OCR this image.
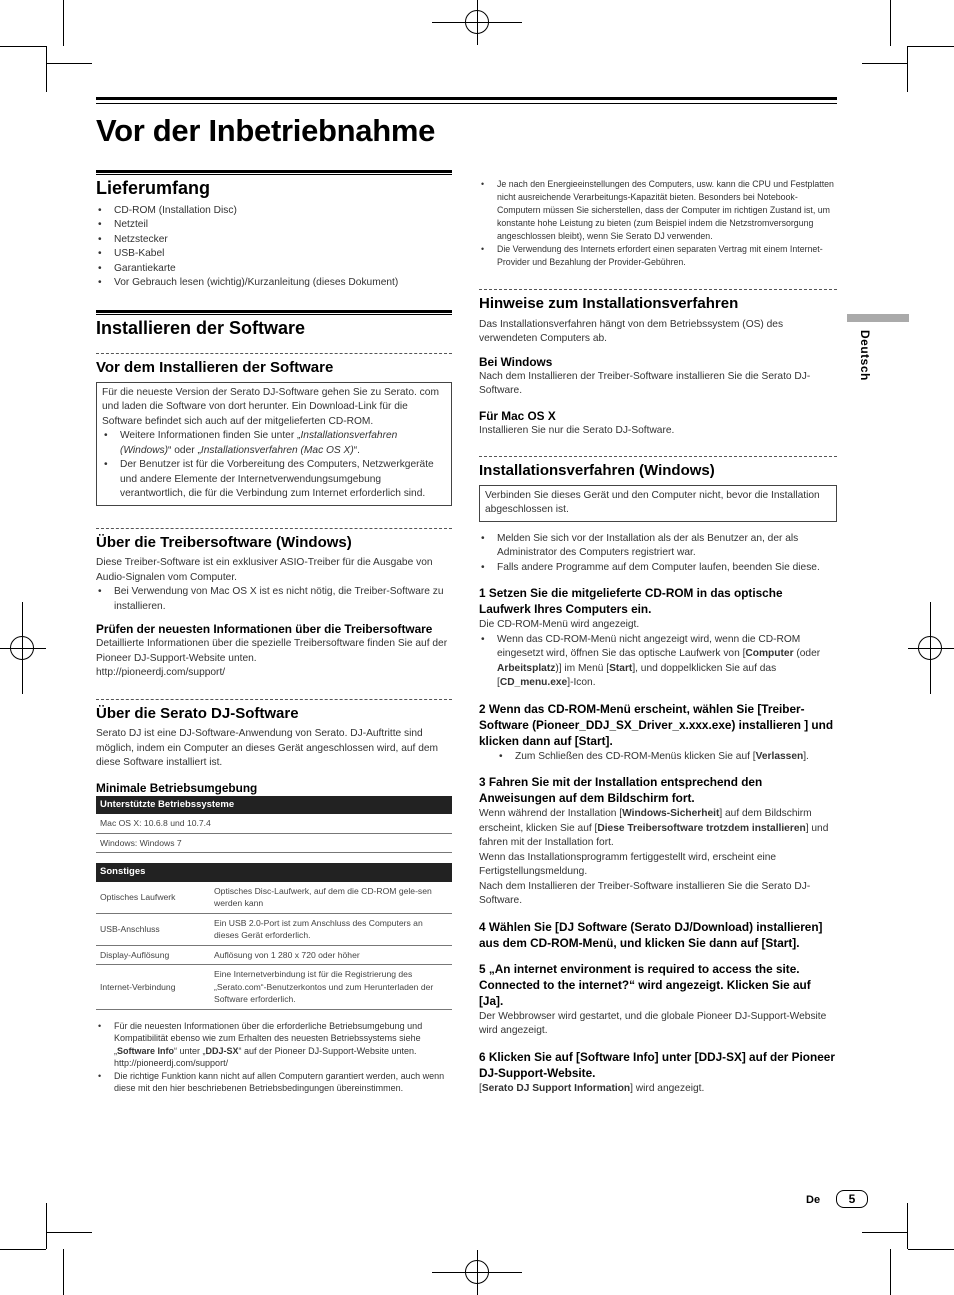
Vor der Inbetriebnahme
Deutsch
Lieferumfang
• CD-ROM (Installation Disc)
• Netzteil
• Netzstecker
• USB-Kabel
• Garantiekarte
• Vor Gebrauch lesen (wichtig)/Kurzanleitung (dieses Dokument)
Installieren der Software
Vor dem Installieren der Software

Für die neueste Version der Serato DJ-Software gehen Sie zu Serato. com und laden die Software von dort herunter. Ein Download-Link für die Software befindet sich auch auf der mitgelieferten CD-ROM.

• Weitere Informationen finden Sie unter „Installationsverfahren (Windows)“ oder „Installationsverfahren (Mac OS X)“.
• Der Benutzer ist für die Vorbereitung des Computers, Netzwerkgeräte und andere Elemente der Internetverwendungsumgebung verantwortlich, die für die Verbindung zum Internet erforderlich sind.
Über die Treibersoftware (Windows)

Diese Treiber-Software ist ein exklusiver ASIO-Treiber für die Ausgabe von Audio-Signalen vom Computer.

• Bei Verwendung von Mac OS X ist es nicht nötig, die Treiber-Software zu installieren.
Prüfen der neuesten Informationen über die Treibersoftware

Detaillierte Informationen über die spezielle Treibersoftware finden Sie auf der Pioneer DJ-Support-Website unten.

http://pioneerdj.com/support/

Über die Serato DJ-Software

Serato DJ ist eine DJ-Software-Anwendung von Serato. DJ-Auftritte sind möglich, indem ein Computer an dieses Gerät angeschlossen wird, auf dem diese Software installiert ist.

Minimale Betriebsumgebung
Unterstützte Betriebssysteme
Mac OS X: 10.6.8 und 10.7.4
Windows: Windows 7
Sonstiges	
Optisches Laufwerk	Optisches Disc-Laufwerk, auf dem die CD-ROM gele-sen werden kann
USB-Anschluss	Ein USB 2.0-Port ist zum Anschluss des Computers an dieses Gerät erforderlich.
Display-Auflösung	Auflösung von 1 280 x 720 oder höher
Internet-Verbindung	Eine Internetverbindung ist für die Registrierung des „Serato.com“-Benutzerkontos und zum Herunterladen der Software erforderlich.
• Für die neuesten Informationen über die erforderliche Betriebsumgebung und Kompatibilität ebenso wie zum Erhalten des neuesten Betriebssystems siehe „Software Info“ unter „DDJ-SX“ auf der Pioneer DJ-Support-Website unten.
http://pioneerdj.com/support/
• Die richtige Funktion kann nicht auf allen Computern garantiert werden, auch wenn diese mit den hier beschriebenen Betriebsbedingungen übereinstimmen.
• Je nach den Energieeinstellungen des Computers, usw. kann die CPU und Festplatten nicht ausreichende Verarbeitungs-Kapazität bieten. Besonders bei Notebook-Computern müssen Sie sicherstellen, dass der Computer im richtigen Zustand ist, um konstante hohe Leistung zu bieten (zum Beispiel indem die Netzstromversorgung angeschlossen bleibt), wenn Sie Serato DJ verwenden.
• Die Verwendung des Internets erfordert einen separaten Vertrag mit einem Internet-Provider und Bezahlung der Provider-Gebühren.
Hinweise zum Installationsverfahren

Das Installationsverfahren hängt von dem Betriebssystem (OS) des verwendeten Computers ab.

Bei Windows

Nach dem Installieren der Treiber-Software installieren Sie die Serato DJ-Software.

Für Mac OS X

Installieren Sie nur die Serato DJ-Software.

Installationsverfahren (Windows)

Verbinden Sie dieses Gerät und den Computer nicht, bevor die Installation abgeschlossen ist.

• Melden Sie sich vor der Installation als der als Benutzer an, der als Administrator des Computers registriert war.
• Falls andere Programme auf dem Computer laufen, beenden Sie diese.
1 Setzen Sie die mitgelieferte CD-ROM in das optische Laufwerk Ihres Computers ein.

Die CD-ROM-Menü wird angezeigt.

• Wenn das CD-ROM-Menü nicht angezeigt wird, wenn die CD-ROM eingesetzt wird, öffnen Sie das optische Laufwerk von [Computer (oder Arbeitsplatz)] im Menü [Start], und doppelklicken Sie auf das [CD_menu.exe]-Icon.
2 Wenn das CD-ROM-Menü erscheint, wählen Sie [Treiber-Software (Pioneer_DDJ_SX_Driver_x.xxx.exe) installieren ] und klicken dann auf [Start].
• Zum Schließen des CD-ROM-Menüs klicken Sie auf [Verlassen].
3 Fahren Sie mit der Installation entsprechend den Anweisungen auf dem Bildschirm fort.

Wenn während der Installation [Windows-Sicherheit] auf dem Bildschirm erscheint, klicken Sie auf [Diese Treibersoftware trotzdem installieren] und fahren mit der Installation fort.

Wenn das Installationsprogramm fertiggestellt wird, erscheint eine Fertigstellungsmeldung.

Nach dem Installieren der Treiber-Software installieren Sie die Serato DJ-Software.

4 Wählen Sie [DJ Software (Serato DJ/Download) installieren] aus dem CD-ROM-Menü, und klicken Sie dann auf [Start].
5 „An internet environment is required to access the site. Connected to the internet?“ wird angezeigt. Klicken Sie auf [Ja].

Der Webbrowser wird gestartet, und die globale Pioneer DJ-Support-Website wird angezeigt.

6 Klicken Sie auf [Software Info] unter [DDJ-SX] auf der Pioneer DJ-Support-Website.

[Serato DJ Support Information] wird angezeigt.

De	5
